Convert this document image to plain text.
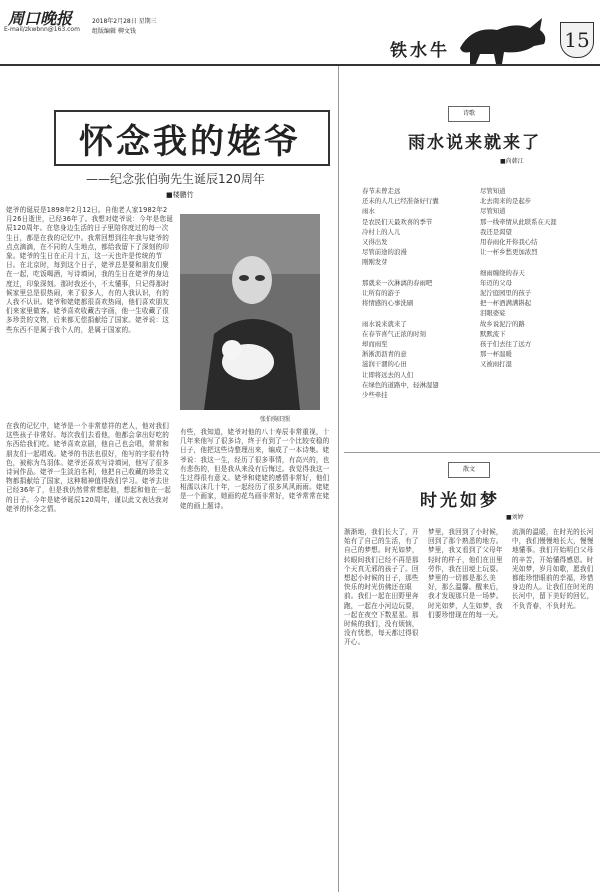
周口晚报
E-mail/zkwbnn@163.com
2018年2月28日 星期三
组版编辑 柳文钱
铁水牛	15
怀念我的姥爷
——纪念张伯驹先生诞辰120周年
■楼鹏竹
姥爷的诞辰是1898年2月12日。自他老人家1982年2月26日逝世，已经36年了。我想对姥爷说：今年是您诞辰120周年。在您身边生活的日子里陪你度过的每一次生日，都是在我的记忆中。我常回想到往年我与姥爷的点点滴滴，在不同的人生地点，都给我留下了深刻的印象。姥爷的生日在正月十五，这一天也许是传统的节日。在北京时，每到这个日子，姥爷总是要和朋友们聚在一起，吃饭喝酒，写诗填词，我的生日在姥爷的身边度过，印象深刻。那时我还小，不太懂事，只记得那时候家里总是很热闹，来了很多人，有的人我认识，有的人我不认识。姥爷和姥姥都很喜欢热闹，他们喜欢朋友们来家里做客。姥爷喜欢收藏古字画，他一生收藏了很多珍贵的文物，后来都无偿捐献给了国家。姥爷说：这些东西不是属于我个人的，是属于国家的。
在我的记忆中，姥爷是一个非常慈祥的老人，他对我们这些孩子非常好。每次我们去看他，他都会拿出好吃的东西给我们吃。姥爷喜欢京剧，他自己也会唱，常常和朋友们一起唱戏。姥爷的书法也很好，他写的字很有特色，被称为鸟羽体。姥爷还喜欢写诗填词，他写了很多诗词作品。姥爷一生淡泊名利，他把自己收藏的珍贵文物都捐献给了国家，这种精神值得我们学习。姥爷去世已经36年了，但是我仍然常常想起他，想起和他在一起的日子。今年是姥爷诞辰120周年，谨以此文表达我对姥爷的怀念之情。
有些，我知道，姥爷对他的八十寿辰非常重视，十几年来他写了很多诗，终于有到了一个比较安稳的日子，他把这些诗整理出来，编成了一本诗集。姥爷说：我这一生，经历了很多事情，有高兴的，也有悲伤的，但是我从来没有后悔过。我觉得我这一生过得很有意义。姥爷和姥姥的感情非常好，他们相濡以沫几十年，一起经历了很多风风雨雨。姥姥是一个画家，她画的花鸟画非常好，姥爷常常在姥姥的画上题诗。
张伯驹旧照
诗歌
雨水说来就来了
■尚韩江
春节未曾走远
还未的人几已经准备好行囊
雨水
是农民们天最欢喜的季节
冷村上的人儿
又得出发
尽管前途的浪漫
刚刚发芽

那就来一次淋漓的春雨吧
让所有的游子
将情感的心事洗刷

雨水说来就来了
在春节喜气正浓的时刻
却而雨至
淅淅沥沥青的意
滋润干涸的心田
让即将远去的人们
在绿色的道路中，轻淋湿翅
少些牵挂
尽管知道
北去南来的是起步
尽管知道
那一线牵情从此联系在天涯
我还是渴望
用春雨化开你我心结
让一杯乡愁更加浓烈

细雨缠绕的春天
年迈的父母
泥泞庭园里的孩子
把一杯酒满满斟起
泪眼婆娑
故乡说泥泞的路
默默流下
孩子们去往了远方
那一杯温暖
又被雨打湿
散文
时光如梦
■刘婷
渐渐地，我们长大了，开始有了自己的生活，有了自己的梦想。时光如梦，转眼间我们已经不再是那个天真无邪的孩子了。回想起小时候的日子，那些快乐的时光仿佛还在眼前。我们一起在田野里奔跑，一起在小河边玩耍，一起在夜空下数星星。那时候的我们，没有烦恼，没有忧愁，每天都过得很开心。
梦里，我回到了小时候，回到了那个熟悉的地方。梦里，我又看到了父母年轻时的样子，他们在田里劳作，我在田埂上玩耍。梦里的一切都是那么美好，那么温馨。醒来后，我才发现那只是一场梦。时光如梦，人生如梦，我们要珍惜现在的每一天。
流淌的温暖，在时光的长河中，我们慢慢地长大，慢慢地懂事。我们开始明白父母的辛苦，开始懂得感恩。时光如梦，岁月如歌，愿我们都能珍惜眼前的幸福，珍惜身边的人。让我们在时光的长河中，留下美好的回忆，不负青春，不负时光。
